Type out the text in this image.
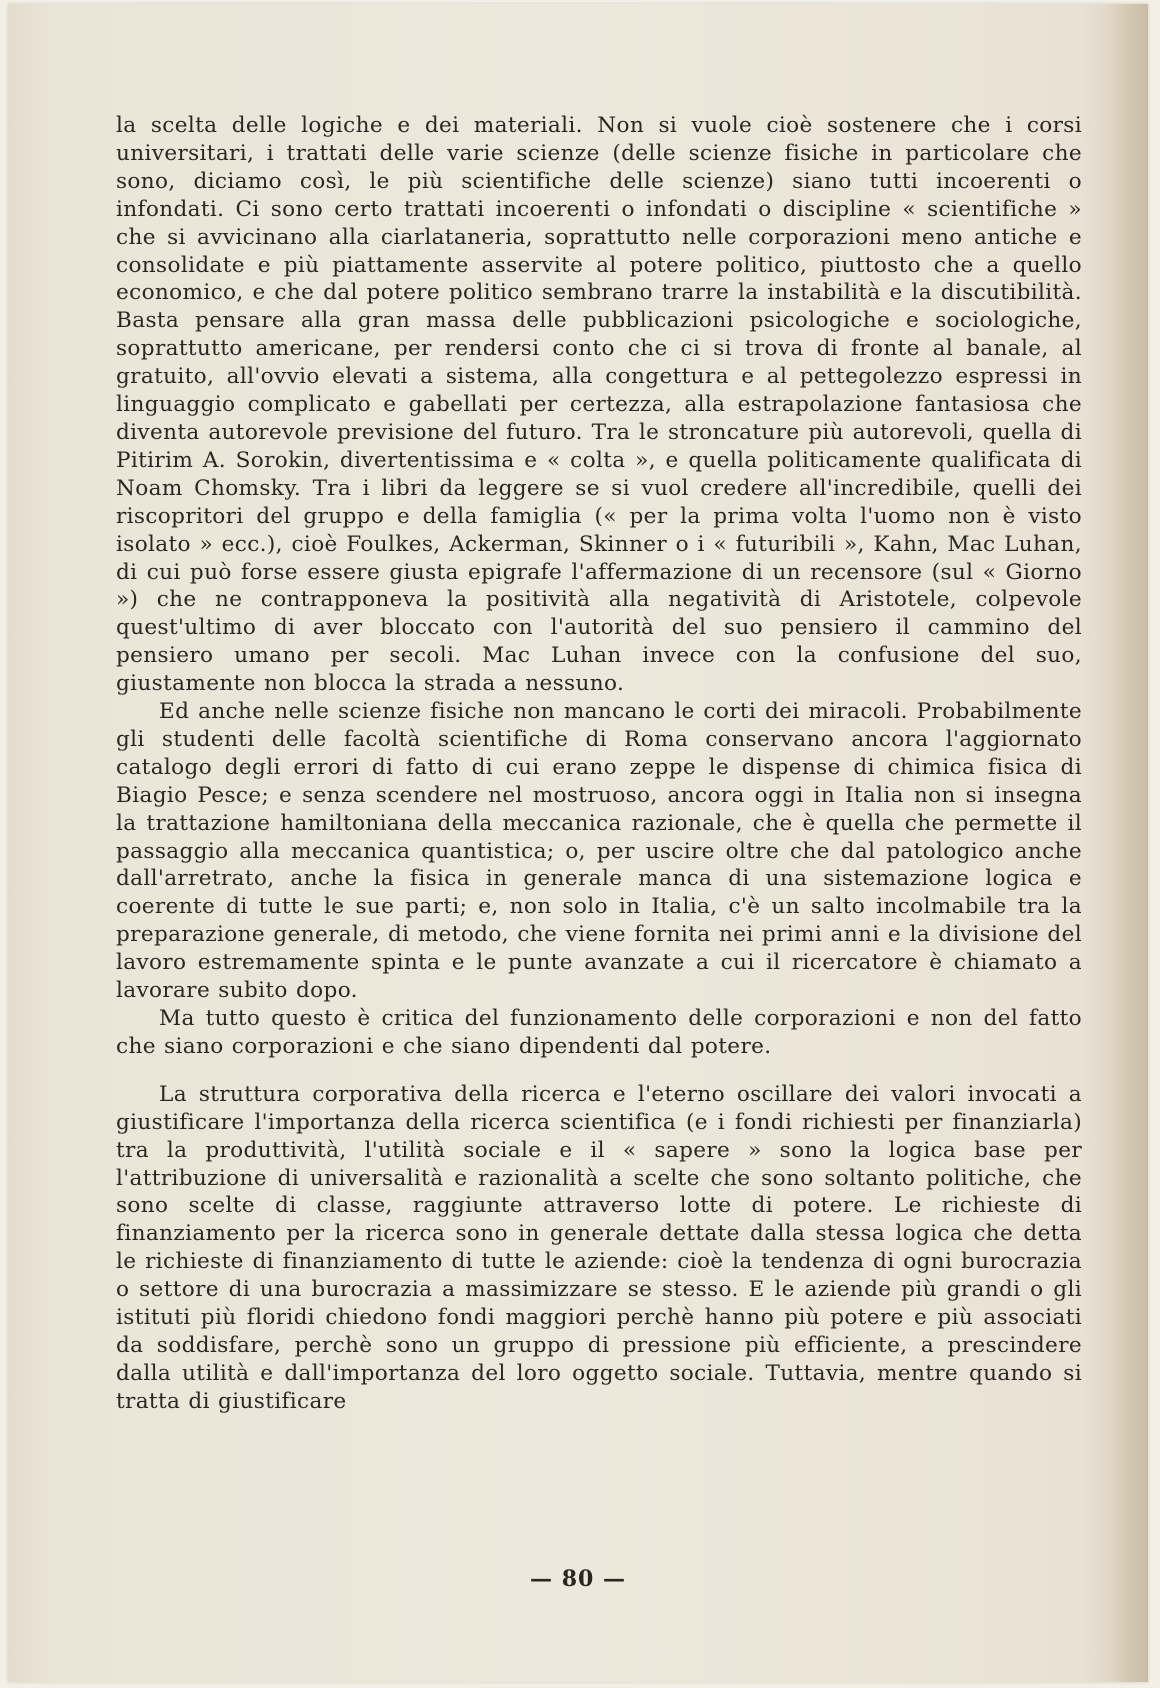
la scelta delle logiche e dei materiali. Non si vuole cioè sostenere che i corsi universitari, i trattati delle varie scienze (delle scienze fisiche in particolare che sono, diciamo così, le più scientifiche delle scienze) siano tutti incoerenti o infondati. Ci sono certo trattati incoerenti o infondati o discipline « scientifiche » che si avvicinano alla ciarlataneria, soprattutto nelle corporazioni meno antiche e consolidate e più piattamente asservite al potere politico, piuttosto che a quello economico, e che dal potere politico sembrano trarre la instabilità e la discutibilità. Basta pensare alla gran massa delle pubblicazioni psicologiche e sociologiche, soprattutto americane, per rendersi conto che ci si trova di fronte al banale, al gratuito, all'ovvio elevati a sistema, alla congettura e al pettegolezzo espressi in linguaggio complicato e gabellati per certezza, alla estrapolazione fantasiosa che diventa autorevole previsione del futuro. Tra le stroncature più autorevoli, quella di Pitirim A. Sorokin, divertentissima e « colta », e quella politicamente qualificata di Noam Chomsky. Tra i libri da leggere se si vuol credere all'incredibile, quelli dei riscopritori del gruppo e della famiglia (« per la prima volta l'uomo non è visto isolato » ecc.), cioè Foulkes, Ackerman, Skinner o i « futuribili », Kahn, Mac Luhan, di cui può forse essere giusta epigrafe l'affermazione di un recensore (sul « Giorno ») che ne contrapponeva la positività alla negatività di Aristotele, colpevole quest'ultimo di aver bloccato con l'autorità del suo pensiero il cammino del pensiero umano per secoli. Mac Luhan invece con la confusione del suo, giustamente non blocca la strada a nessuno.

Ed anche nelle scienze fisiche non mancano le corti dei miracoli. Probabilmente gli studenti delle facoltà scientifiche di Roma conservano ancora l'aggiornato catalogo degli errori di fatto di cui erano zeppe le dispense di chimica fisica di Biagio Pesce; e senza scendere nel mostruoso, ancora oggi in Italia non si insegna la trattazione hamiltoniana della meccanica razionale, che è quella che permette il passaggio alla meccanica quantistica; o, per uscire oltre che dal patologico anche dall'arretrato, anche la fisica in generale manca di una sistemazione logica e coerente di tutte le sue parti; e, non solo in Italia, c'è un salto incolmabile tra la preparazione generale, di metodo, che viene fornita nei primi anni e la divisione del lavoro estremamente spinta e le punte avanzate a cui il ricercatore è chiamato a lavorare subito dopo.

Ma tutto questo è critica del funzionamento delle corporazioni e non del fatto che siano corporazioni e che siano dipendenti dal potere.

La struttura corporativa della ricerca e l'eterno oscillare dei valori invocati a giustificare l'importanza della ricerca scientifica (e i fondi richiesti per finanziarla) tra la produttività, l'utilità sociale e il « sapere » sono la logica base per l'attribuzione di universalità e razionalità a scelte che sono soltanto politiche, che sono scelte di classe, raggiunte attraverso lotte di potere. Le richieste di finanziamento per la ricerca sono in generale dettate dalla stessa logica che detta le richieste di finanziamento di tutte le aziende: cioè la tendenza di ogni burocrazia o settore di una burocrazia a massimizzare se stesso. E le aziende più grandi o gli istituti più floridi chiedono fondi maggiori perchè hanno più potere e più associati da soddisfare, perchè sono un gruppo di pressione più efficiente, a prescindere dalla utilità e dall'importanza del loro oggetto sociale. Tuttavia, mentre quando si tratta di giustificare

— 80 —
